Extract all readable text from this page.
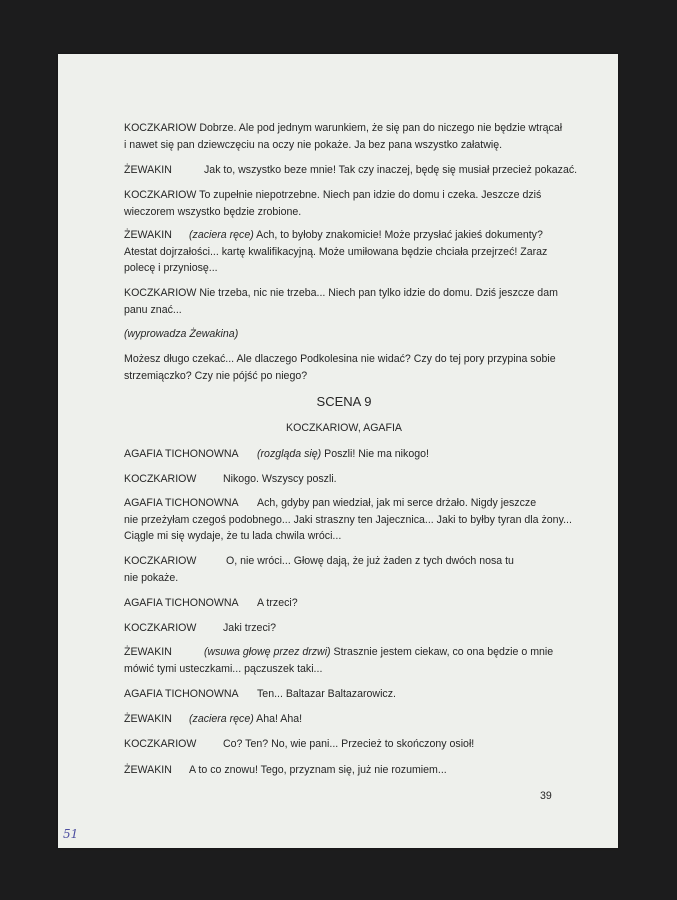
KOCZKARIOW Dobrze. Ale pod jednym warunkiem, że się pan do niczego nie będzie wtrącał
i nawet się pan dziewczęciu na oczy nie pokaże. Ja bez pana wszystko załatwię.
ŻEWAKIN	Jak to, wszystko beze mnie! Tak czy inaczej, będę się musiał przecież pokazać.
KOCZKARIOW To zupełnie niepotrzebne. Niech pan idzie do domu i czeka. Jeszcze dziś
wieczorem wszystko będzie zrobione.
ŻEWAKIN (zaciera ręce) Ach, to byłoby znakomicie! Może przysłać jakieś dokumenty?
Atestat dojrzałości... kartę kwalifikacyjną. Może umiłowana będzie chciała przejrzeć! Zaraz
polecę i przyniosę...
KOCZKARIOW Nie trzeba, nic nie trzeba... Niech pan tylko idzie do domu. Dziś jeszcze dam
panu znać...
(wyprowadza Żewakina)
Możesz długo czekać... Ale dlaczego Podkolesina nie widać? Czy do tej pory przypina sobie
strzemiączko? Czy nie pójść po niego?
SCENA 9
KOCZKARIOW, AGAFIA
AGAFIA TICHONOWNA (rozgląda się) Poszli! Nie ma nikogo!
KOCZKARIOW	Nikogo. Wszyscy poszli.
AGAFIA TICHONOWNA Ach, gdyby pan wiedział, jak mi serce drżało. Nigdy jeszcze
nie przeżyłam czegoś podobnego... Jaki straszny ten Jajecznica... Jaki to byłby tyran dla żony...
Ciągle mi się wydaje, że tu lada chwila wróci...
KOCZKARIOW	O, nie wróci... Głowę dają, że już żaden z tych dwóch nosa tu
nie pokaże.
AGAFIA TICHONOWNA A trzeci?
KOCZKARIOW	Jaki trzeci?
ŻEWAKIN	(wsuwa głowę przez drzwi) Strasznie jestem ciekaw, co ona będzie o mnie
mówić tymi usteczkami... pączuszek taki...
AGAFIA TICHONOWNA Ten... Baltazar Baltazarowicz.
ŻEWAKIN (zaciera ręce) Aha! Aha!
KOCZKARIOW	Co? Ten? No, wie pani... Przecież to skończony osioł!
ŻEWAKIN A to co znowu! Tego, przyznam się, już nie rozumiem...
39
51
